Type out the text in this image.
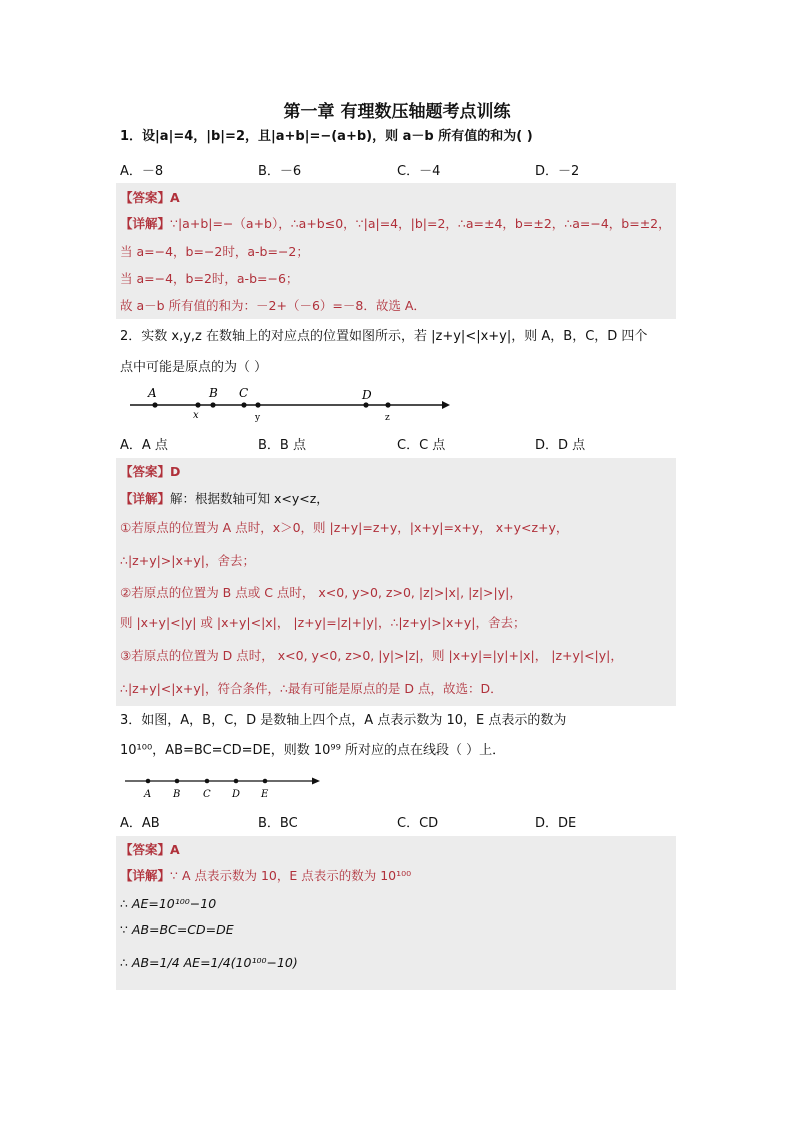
第一章 有理数压轴题考点训练
1．设|a|=4，|b|=2，且|a+b|=−(a+b)，则 a－b 所有值的和为( )
A．－8	B．－6	C．－4	D．－2
【答案】A
【详解】∵|a+b|=−（a+b），∴a+b≤0，∵|a|=4，|b|=2，∴a=±4，b=±2，∴a=−4，b=±2，
当 a=−4，b=−2时，a-b=−2；
当 a=−4，b=2时，a-b=−6；
故 a－b 所有值的和为：－2+（－6）=－8．故选 A．
2．实数 x,y,z 在数轴上的对应点的位置如图所示，若 |z+y|<|x+y|，则 A，B，C，D 四个
点中可能是原点的为（ ）
A	B C	D
x	y	z
A．A 点	B．B 点	C．C 点	D．D 点
【答案】D
【详解】解：根据数轴可知 x<y<z，
①若原点的位置为 A 点时，x＞0，则 |z+y|=z+y，|x+y|=x+y， x+y<z+y，
∴|z+y|>|x+y|，舍去；
②若原点的位置为 B 点或 C 点时， x<0, y>0, z>0, |z|>|x|, |z|>|y|，
则 |x+y|<|y| 或 |x+y|<|x|， |z+y|=|z|+|y|，∴|z+y|>|x+y|，舍去；
③若原点的位置为 D 点时， x<0, y<0, z>0, |y|>|z|，则 |x+y|=|y|+|x|， |z+y|<|y|，
∴|z+y|<|x+y|，符合条件，∴最有可能是原点的是 D 点，故选：D．
3．如图，A，B，C，D 是数轴上四个点，A 点表示数为 10，E 点表示的数为
10¹⁰⁰，AB=BC=CD=DE，则数 10⁹⁹ 所对应的点在线段（ ）上．
A B C D E
A．AB	B．BC	C．CD	D．DE
【答案】A
【详解】∵ A 点表示数为 10，E 点表示的数为 10¹⁰⁰
∴ AE=10¹⁰⁰−10
∵ AB=BC=CD=DE
∴ AB=1/4 AE=1/4(10¹⁰⁰−10)
